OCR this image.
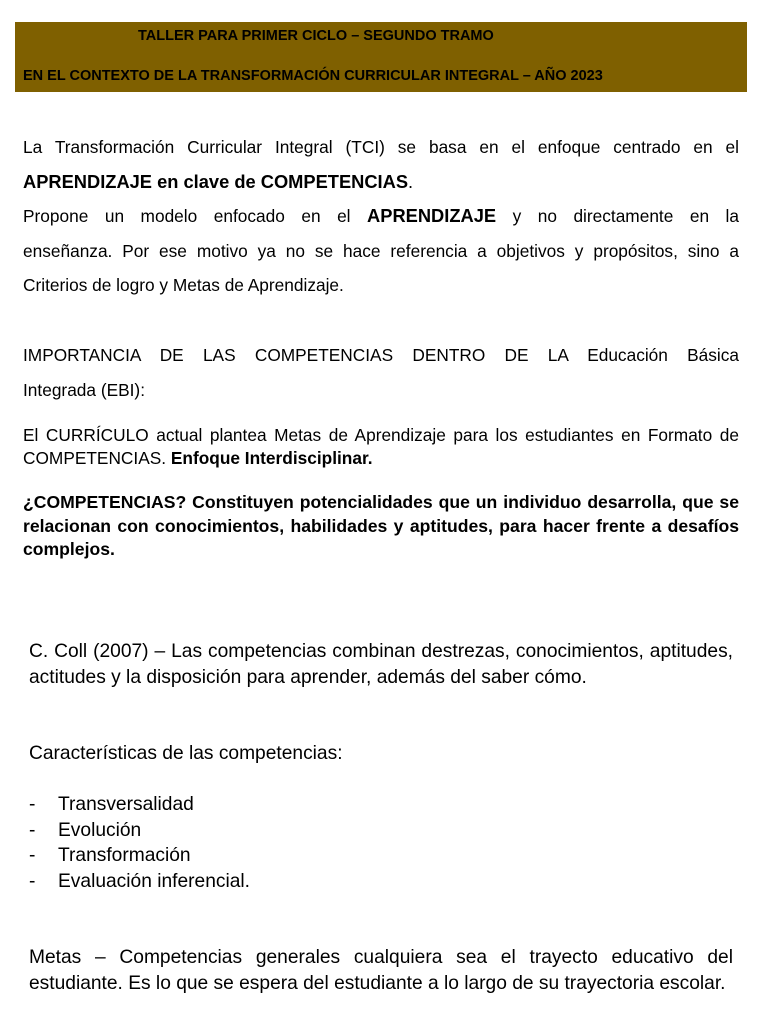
TALLER PARA PRIMER CICLO – SEGUNDO TRAMO
EN EL CONTEXTO DE LA TRANSFORMACIÓN CURRICULAR INTEGRAL – AÑO 2023
La Transformación Curricular Integral (TCI) se basa en el enfoque centrado en el
APRENDIZAJE en clave de COMPETENCIAS.
Propone un modelo enfocado en el APRENDIZAJE y no directamente en la
enseñanza. Por ese motivo ya no se hace referencia a objetivos y propósitos, sino a
Criterios de logro y Metas de Aprendizaje.
IMPORTANCIA DE LAS COMPETENCIAS DENTRO DE LA Educación Básica
Integrada (EBI):

El CURRÍCULO actual plantea Metas de Aprendizaje para los estudiantes en Formato de COMPETENCIAS. Enfoque Interdisciplinar.

¿COMPETENCIAS? Constituyen potencialidades que un individuo desarrolla, que se relacionan con conocimientos, habilidades y aptitudes, para hacer frente a desafíos complejos.

C. Coll (2007) – Las competencias combinan destrezas, conocimientos, aptitudes, actitudes y la disposición para aprender, además del saber cómo.

Características de las competencias:

- Transversalidad
- Evolución
- Transformación
- Evaluación inferencial.

Metas – Competencias generales cualquiera sea el trayecto educativo del estudiante. Es lo que se espera del estudiante a lo largo de su trayectoria escolar.
